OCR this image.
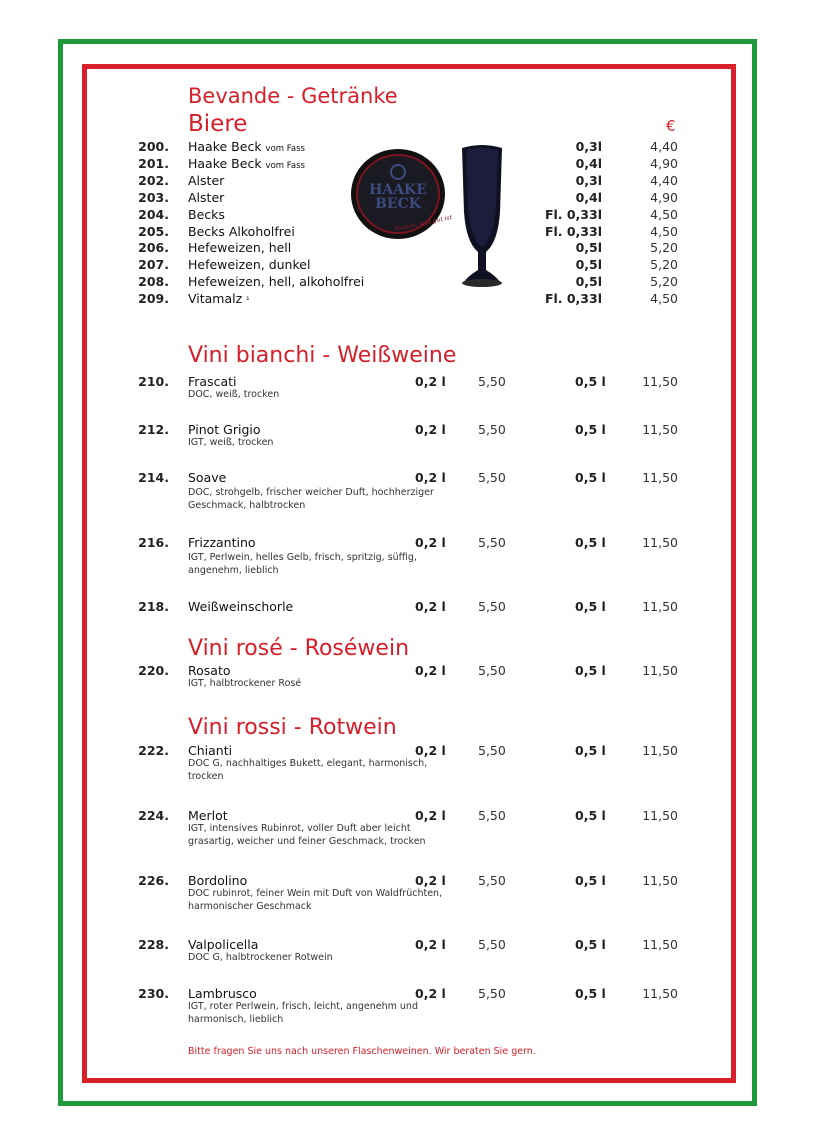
Bevande - Getränke
Biere	€
200. Haake Beck vom Fass	0,3l	4,40
201. Haake Beck vom Fass	0,4l	4,90
202. Alster	0,3l	4,40
203. Alster	0,4l	4,90
204. Becks	Fl. 0,33l	4,50
205. Becks Alkoholfrei	Fl. 0,33l	4,50
206. Hefeweizen, hell	0,5l	5,20
207. Hefeweizen, dunkel	0,5l	5,20
208. Hefeweizen, hell, alkoholfrei	0,5l	5,20
209. Vitamalz ¹	Fl. 0,33l	4,50
HAAKE
BECK
Wissen, was gut ist
Vini bianchi - Weißweine
Vini rosé - Roséwein
Vini rossi - Rotwein
210. Frascati
DOC, weiß, trocken
0,2 l	5,50	0,5 l	11,50
212. Pinot Grigio
IGT, weiß, trocken
0,2 l	5,50	0,5 l	11,50
214. Soave
DOC, strohgelb, frischer weicher Duft, hochherziger Geschmack, halbtrocken
0,2 l	5,50	0,5 l	11,50
216. Frizzantino
IGT, Perlwein, helles Gelb, frisch, spritzig, süffig, angenehm, lieblich
0,2 l	5,50	0,5 l	11,50
218. Weißweinschorle	0,2 l	5,50	0,5 l	11,50
220. Rosato
IGT, halbtrockener Rosé
0,2 l	5,50	0,5 l	11,50
222. Chianti
DOC G, nachhaltiges Bukett, elegant, harmonisch, trocken
0,2 l	5,50	0,5 l	11,50
224. Merlot
IGT, intensives Rubinrot, voller Duft aber leicht grasartig, weicher und feiner Geschmack, trocken
0,2 l	5,50	0,5 l	11,50
226. Bordolino
DOC rubinrot, feiner Wein mit Duft von Waldfrüchten, harmonischer Geschmack
0,2 l	5,50	0,5 l	11,50
228. Valpolicella
DOC G, halbtrockener Rotwein
0,2 l	5,50	0,5 l	11,50
230. Lambrusco
IGT, roter Perlwein, frisch, leicht, angenehm und harmonisch, lieblich
0,2 l	5,50	0,5 l	11,50
Bitte fragen Sie uns nach unseren Flaschenweinen. Wir beraten Sie gern.
